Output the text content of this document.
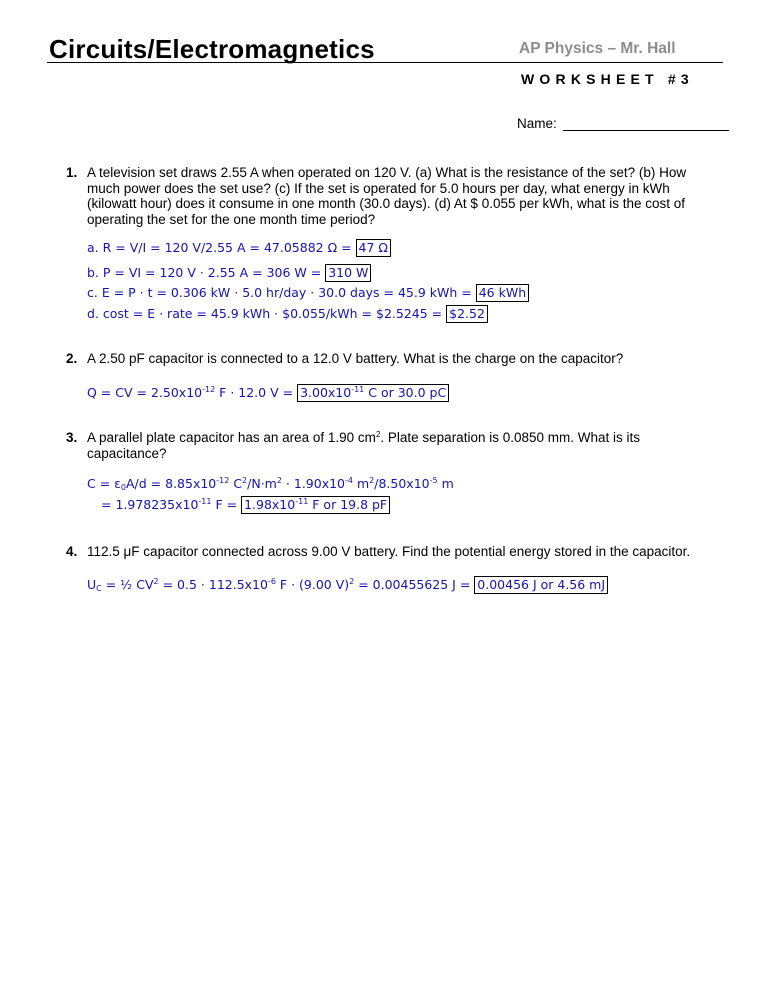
Circuits/Electromagnetics	AP Physics – Mr. Hall
WORKSHEET #3
Name:
1. A television set draws 2.55 A when operated on 120 V. (a) What is the resistance of the set? (b) How much power does the set use? (c) If the set is operated for 5.0 hours per day, what energy in kWh (kilowatt hour) does it consume in one month (30.0 days). (d) At $ 0.055 per kWh, what is the cost of operating the set for the one month time period?
a. R = V/I = 120 V/2.55 A = 47.05882 Ω = 47 Ω
b. P = VI = 120 V · 2.55 A = 306 W = 310 W
c. E = P · t = 0.306 kW · 5.0 hr/day · 30.0 days = 45.9 kWh = 46 kWh
d. cost = E · rate = 45.9 kWh · $0.055/kWh = $2.5245 = $2.52
2. A 2.50 pF capacitor is connected to a 12.0 V battery. What is the charge on the capacitor?
Q = CV = $2.50x10^{-12}$ F · 12.0 $V = 3.00x10^{-11}$ C or 30.0 pC
3. A parallel plate capacitor has an area of 1.90 $cm^2$. Plate separation is 0.0850 mm. What is its capacitance?
$C = \varepsilon_0A/d = 8.85x10^{-12}$ $C^2/N\cdot m^2 \cdot 1.90x10^{-4}$ $m^2/8.50x10^{-5}$ m
= $1.978235x10^{-11}$ $F = 1.98x10^{-11}$ F or 19.8 pF
4. 112.5 μF capacitor connected across 9.00 V battery. Find the potential energy stored in the capacitor.
$U_C$ = ½ $CV^2 = 0.5 \cdot 112.5x10^{-6}$ F · (9.00 V)$^2$ = 0.00455625 J = 0.00456 J or 4.56 mJ
